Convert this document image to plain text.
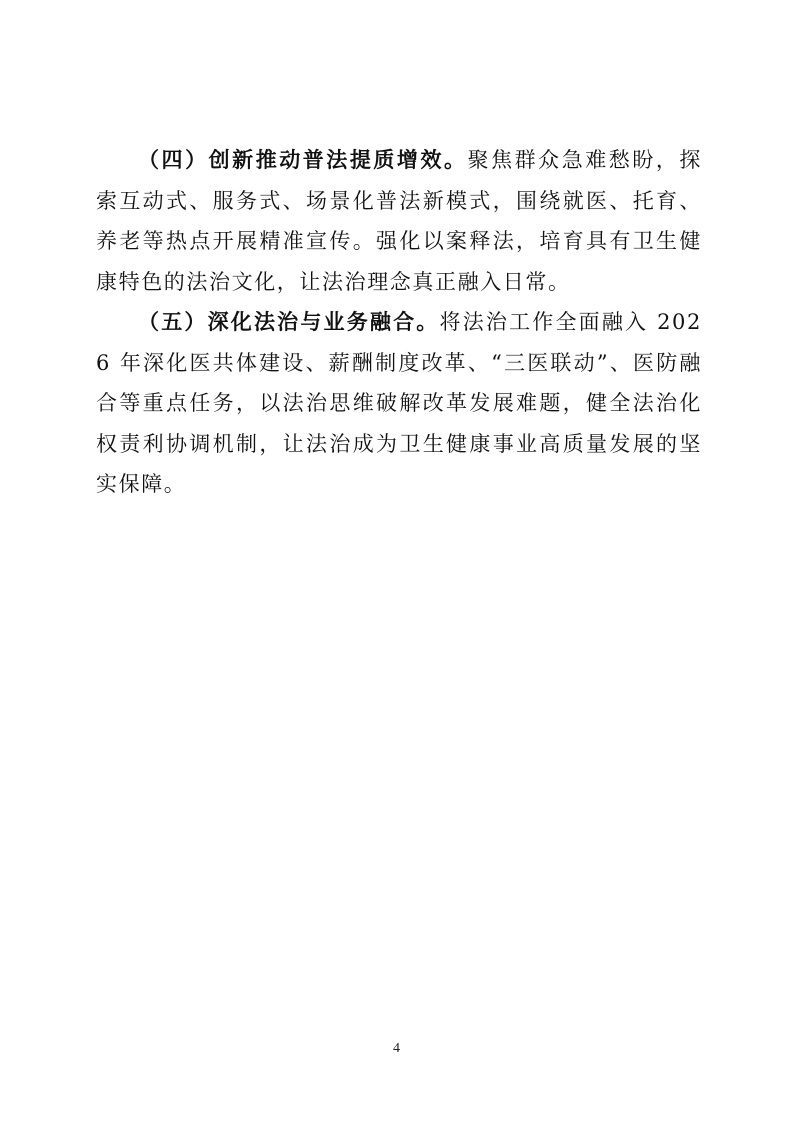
（四）创新推动普法提质增效。聚焦群众急难愁盼，探索互动式、服务式、场景化普法新模式，围绕就医、托育、养老等热点开展精准宣传。强化以案释法，培育具有卫生健康特色的法治文化，让法治理念真正融入日常。

（五）深化法治与业务融合。将法治工作全面融入 2026 年深化医共体建设、薪酬制度改革、“三医联动”、医防融合等重点任务，以法治思维破解改革发展难题，健全法治化权责利协调机制，让法治成为卫生健康事业高质量发展的坚实保障。

4
